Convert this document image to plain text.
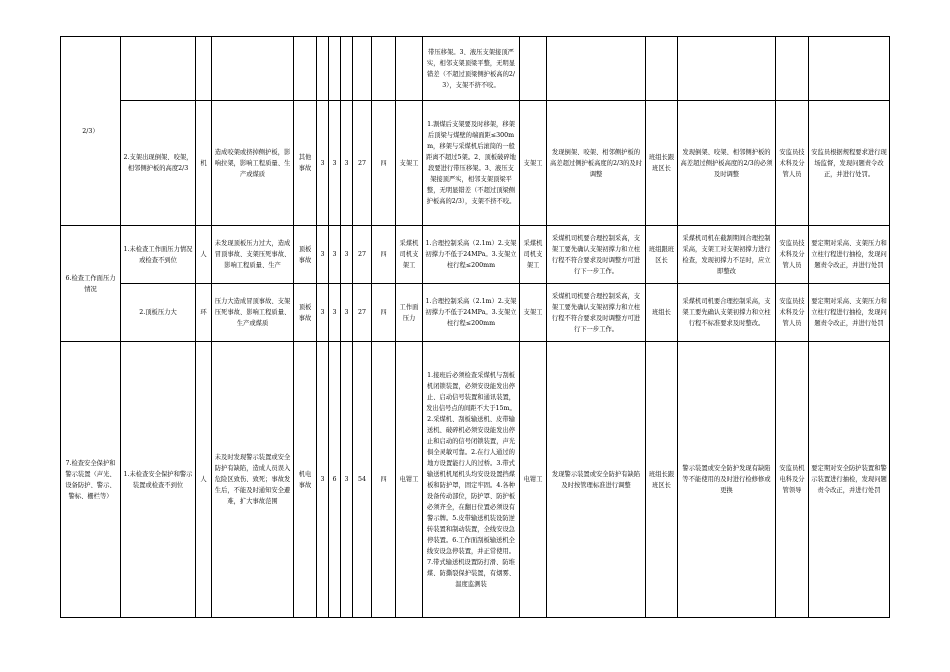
2/3）											带压移架。3、液压支架接顶严实，相邻支架顶梁平整，无明显错差（不超过顶梁侧护板高的2/3），支架不挤不咬。						
	2.支架出现倒架、咬架，相邻侧护板的高度2/3	机	造成咬架或挤掉侧护板，影响拉架，影响工程质量、生产或煤质	其他事故	3	3	3	27	四	支架工	1.割煤后支架要及时移架，移架后顶梁与煤壁的端面距≤300mm，移架与采煤机后滚筒的一般距离不超过5架。2、顶板破碎地段要进行带压移架。3、液压支架接顶严实，相邻支架顶梁平整，无明显错差（不超过顶梁侧护板高的2/3），支架不挤不咬。	支架工	发现倒架、咬架、相邻侧护板的高差超过侧护板高度的2/3的及时调整	班组长跟班区长	发现倒架、咬架、相邻侧护板的高差超过侧护板高度的2/3的必须及时调整	安监员技术科及分管人员	安监员根据规程要求进行现场监督，发现问题责令改正，并进行处罚。
6.检查工作面压力情况	1.未检查工作面压力情况或检查不到位	人	未发现顶板压力过大，造成冒顶事故、支架压死事故、影响工程质量、生产	顶板事故	3	3	3	27	四	采煤机司机支架工	1.合理控制采高（2.1m）2.支架初撑力不低于24MPa。3.支架立柱行程≤200mm	采煤机司机支架工	采煤机司机要合理控制采高，支架工要先确认支架初撑力和立柱行程不符合要求及时调整方可进行下一步工作。	班组跟班区长	采煤机司机在截割期间合理控制采高，支架工对支架初撑力进行检查，发现初撑力不足时，应立即整改	安监员技术科及分管人员	要定期对采高、支架压力和立柱行程进行抽检，发现问题责令改正，并进行处罚
	2.顶板压力大	环	压力大造成冒顶事故、支架压死事故、影响工程质量、生产或煤质	顶板事故	3	3	3	27	四	工作面压力	1.合理控制采高（2.1m）2.支架初撑力不低于24MPa。3.支架立柱行程≤200mm	支架工	采煤机司机要合理控制采高，支架工要先确认支架初撑力和立柱行程不符合要求及时调整方可进行下一步工作。	班组长	采煤机司机要合理控制采高，支架工要先确认支架初撑力和立柱行程不标准要求及时整改。	安监员技术科及分管人员	要定期对采高、支架压力和立柱行程进行抽检，发现问题责令改正，并进行处罚
7.检查安全保护和警示装置（声光、设备防护、警示、警标、栅栏等）	1.未检查安全保护和警示装置或检查不到位	人	未及时发现警示装置或安全防护有缺陷，造成人员误入危险区致伤、致死；事故发生后，不能及时通知安全避难，扩大事故范围	机电事故	3	6	3	54	四	电钳工	1.接班后必须检查采煤机与刮板机闭锁装置，必须安设能发出停止、启动信号装置和通讯装置，发出信号点的间距不大于15m。2.采煤机、刮板输送机、皮带输送机、破碎机必须安设能发出停止和启动的信号闭锁装置，声光俱全灵敏可靠。2.在行人通过的地方设置能行人的过桥。3.带式输送机机尾机头均安设设置挡煤板和防护罩，固定牢固。4.各种设备传动部位，防护罩、防护板必须齐全，在翻日位置必须设有警示牌。5.皮带输送机装设防逆转装置和制动装置，全线安设急停装置。6.工作面刮板输送机全线安设急停装置，并正常使用。7.带式输送机设置防打滑、防堆煤、防撕裂保护装置，有烟雾、温度监测装	电钳工	发现警示装置或安全防护有缺陷及时按管理标准进行调整	班组长跟班区长	警示装置或安全防护发现有缺陷等不能使用的及时进行检修修或更换	安监员机电科及分管领导	要定期对安全防护装置和警示装置进行抽检，发现问题责令改正，并进行处罚
